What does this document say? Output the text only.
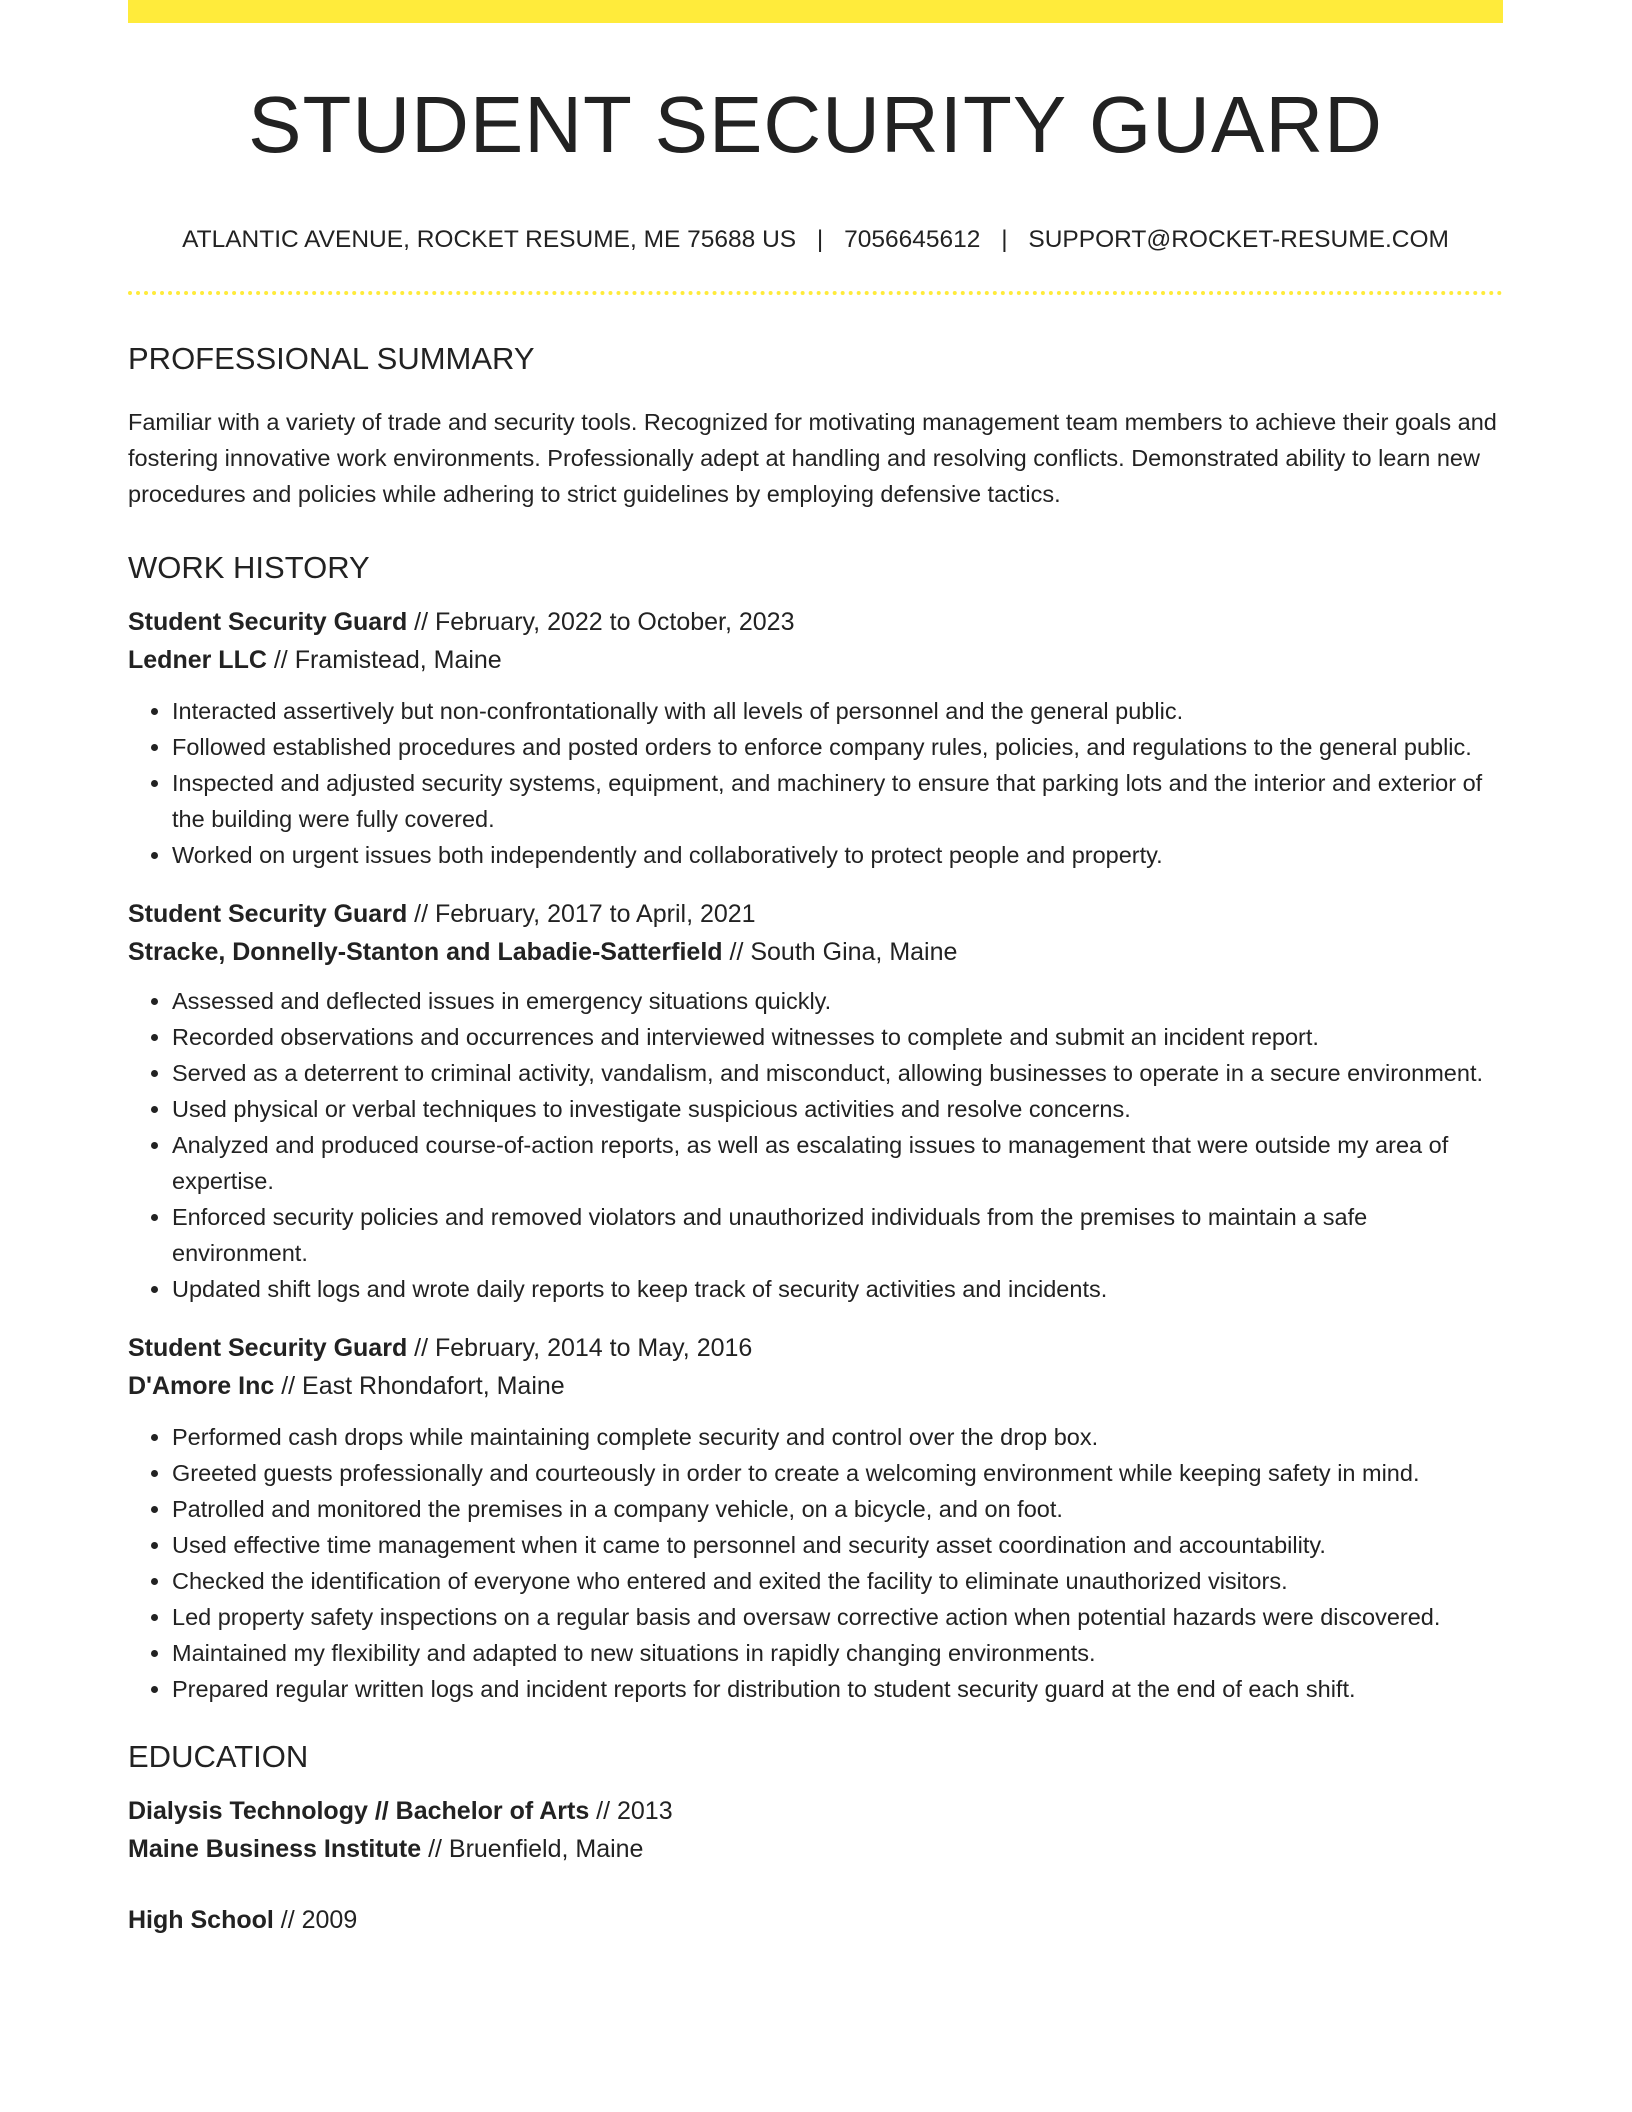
STUDENT SECURITY GUARD
ATLANTIC AVENUE, ROCKET RESUME, ME 75688 US | 7056645612 | SUPPORT@ROCKET-RESUME.COM
PROFESSIONAL SUMMARY

Familiar with a variety of trade and security tools. Recognized for motivating management team members to achieve their goals and fostering innovative work environments. Professionally adept at handling and resolving conflicts. Demonstrated ability to learn new procedures and policies while adhering to strict guidelines by employing defensive tactics.

WORK HISTORY
Student Security Guard // February, 2022 to October, 2023
Ledner LLC // Framistead, Maine
• Interacted assertively but non-confrontationally with all levels of personnel and the general public.
• Followed established procedures and posted orders to enforce company rules, policies, and regulations to the general public.
• Inspected and adjusted security systems, equipment, and machinery to ensure that parking lots and the interior and exterior of the building were fully covered.
• Worked on urgent issues both independently and collaboratively to protect people and property.
Student Security Guard // February, 2017 to April, 2021
Stracke, Donnelly-Stanton and Labadie-Satterfield // South Gina, Maine
• Assessed and deflected issues in emergency situations quickly.
• Recorded observations and occurrences and interviewed witnesses to complete and submit an incident report.
• Served as a deterrent to criminal activity, vandalism, and misconduct, allowing businesses to operate in a secure environment.
• Used physical or verbal techniques to investigate suspicious activities and resolve concerns.
• Analyzed and produced course-of-action reports, as well as escalating issues to management that were outside my area of expertise.
• Enforced security policies and removed violators and unauthorized individuals from the premises to maintain a safe environment.
• Updated shift logs and wrote daily reports to keep track of security activities and incidents.
Student Security Guard // February, 2014 to May, 2016
D'Amore Inc // East Rhondafort, Maine
• Performed cash drops while maintaining complete security and control over the drop box.
• Greeted guests professionally and courteously in order to create a welcoming environment while keeping safety in mind.
• Patrolled and monitored the premises in a company vehicle, on a bicycle, and on foot.
• Used effective time management when it came to personnel and security asset coordination and accountability.
• Checked the identification of everyone who entered and exited the facility to eliminate unauthorized visitors.
• Led property safety inspections on a regular basis and oversaw corrective action when potential hazards were discovered.
• Maintained my flexibility and adapted to new situations in rapidly changing environments.
• Prepared regular written logs and incident reports for distribution to student security guard at the end of each shift.
EDUCATION
Dialysis Technology // Bachelor of Arts // 2013
Maine Business Institute // Bruenfield, Maine
High School // 2009
